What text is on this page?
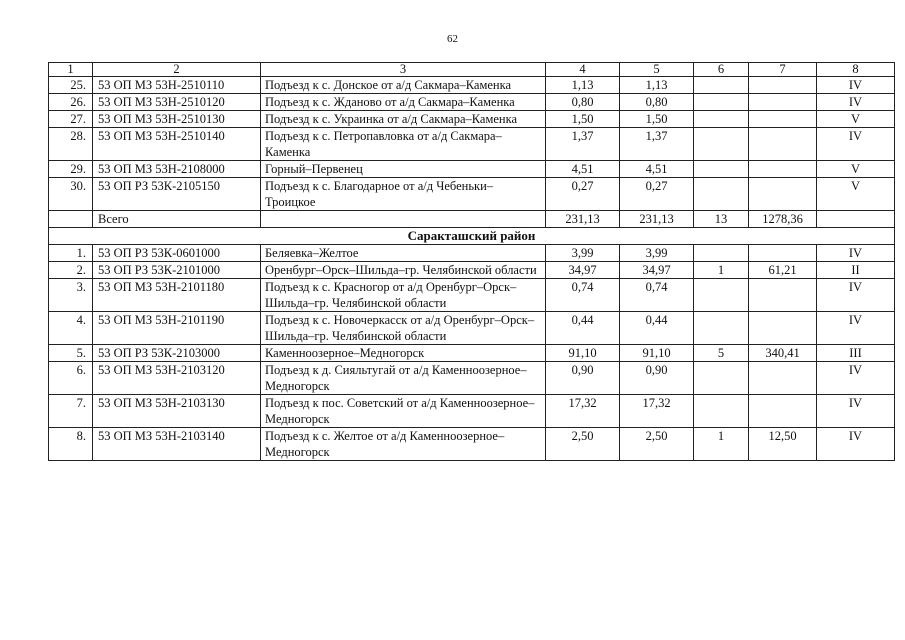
62
1	2	3	4	5	6	7	8
25.	53 ОП МЗ 53Н-2510110	Подъезд к с. Донское от а/д Сакмара–Каменка	1,13	1,13			IV
26.	53 ОП МЗ 53Н-2510120	Подъезд к с. Жданово от а/д Сакмара–Каменка	0,80	0,80			IV
27.	53 ОП МЗ 53Н-2510130	Подъезд к с. Украинка от а/д Сакмара–Каменка	1,50	1,50			V
28.	53 ОП МЗ 53Н-2510140	Подъезд к с. Петропавловка от а/д Сакмара–Каменка	1,37	1,37			IV
29.	53 ОП МЗ 53Н-2108000	Горный–Первенец	4,51	4,51			V
30.	53 ОП РЗ 53К-2105150	Подъезд к с. Благодарное от а/д Чебеньки–Троицкое	0,27	0,27			V
	Всего		231,13	231,13	13	1278,36	
Саракташский район							
1.	53 ОП РЗ 53К-0601000	Беляевка–Желтое	3,99	3,99			IV
2.	53 ОП РЗ 53К-2101000	Оренбург–Орск–Шильда–гр. Челябинской области	34,97	34,97	1	61,21	II
3.	53 ОП МЗ 53Н-2101180	Подъезд к с. Красногор от а/д Оренбург–Орск–Шильда–гр. Челябинской области	0,74	0,74			IV
4.	53 ОП МЗ 53Н-2101190	Подъезд к с. Новочеркасск от а/д Оренбург–Орск–Шильда–гр. Челябинской области	0,44	0,44			IV
5.	53 ОП РЗ 53К-2103000	Каменноозерное–Медногорск	91,10	91,10	5	340,41	III
6.	53 ОП МЗ 53Н-2103120	Подъезд к д. Сияльтугай от а/д Каменноозерное–Медногорск	0,90	0,90			IV
7.	53 ОП МЗ 53Н-2103130	Подъезд к пос. Советский от а/д Каменноозерное–Медногорск	17,32	17,32			IV
8.	53 ОП МЗ 53Н-2103140	Подъезд к с. Желтое от а/д Каменноозерное–Медногорск	2,50	2,50	1	12,50	IV
